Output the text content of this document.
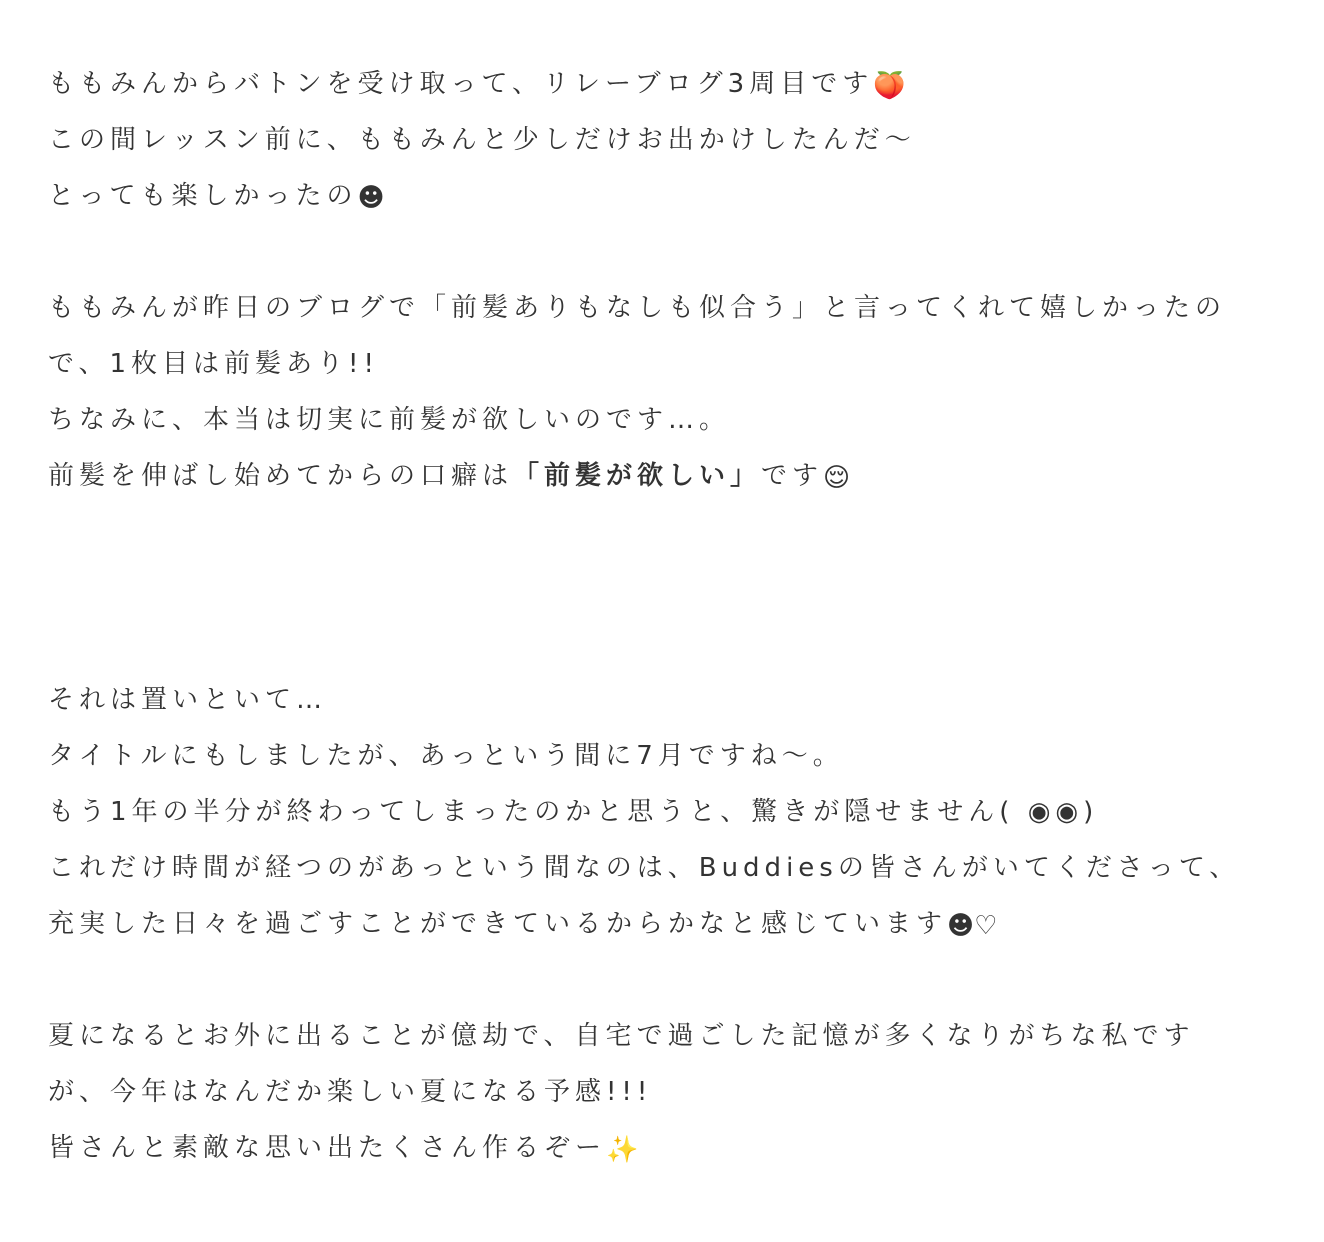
ももみんからバトンを受け取って、リレーブログ3周目です🍑
この間レッスン前に、ももみんと少しだけお出かけしたんだ〜
とっても楽しかったの☻
ももみんが昨日のブログで「前髪ありもなしも似合う」と言ってくれて嬉しかったの
で、1枚目は前髪あり!!
ちなみに、本当は切実に前髪が欲しいのです…。
前髪を伸ばし始めてからの口癖は「前髪が欲しい」です😌
それは置いといて…
タイトルにもしましたが、あっという間に7月ですね〜。
もう1年の半分が終わってしまったのかと思うと、驚きが隠せません( ◉◉)
これだけ時間が経つのがあっという間なのは、Buddiesの皆さんがいてくださって、
充実した日々を過ごすことができているからかなと感じています☻♡
夏になるとお外に出ることが億劫で、自宅で過ごした記憶が多くなりがちな私です
が、今年はなんだか楽しい夏になる予感!!!
皆さんと素敵な思い出たくさん作るぞー✨
